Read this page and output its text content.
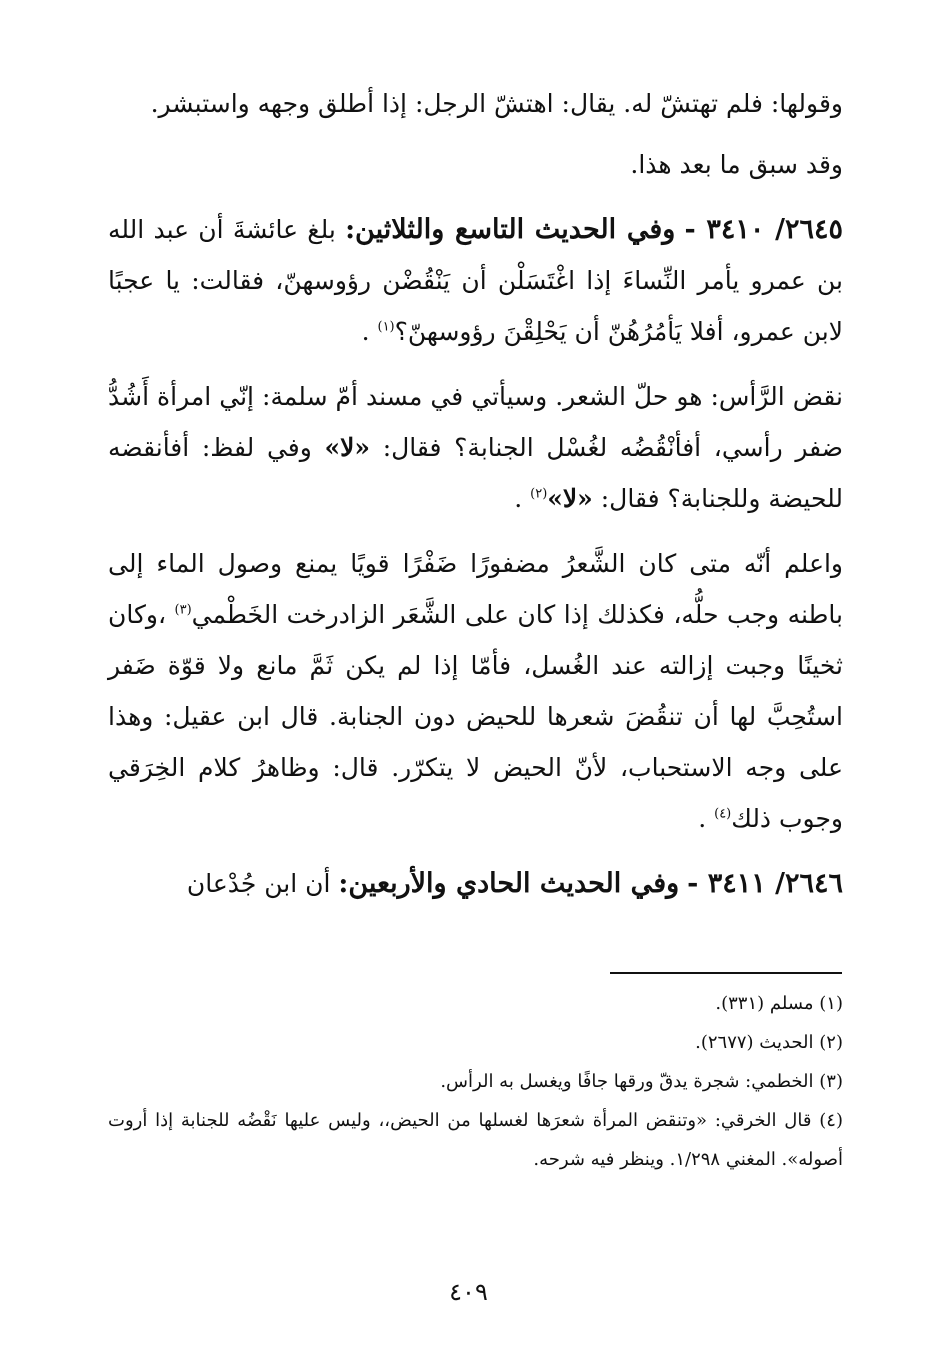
وقولها: فلم تهتشّ له. يقال: اهتشّ الرجل: إذا أطلق وجهه واستبشر.

وقد سبق ما بعد هذا.

٢٦٤٥/ ٣٤١٠ - وفي الحديث التاسع والثلاثين: بلغ عائشةَ أن عبد الله بن عمرو يأمر النِّساءَ إذا اغْتَسَلْن أن يَنْقُضْن رؤوسهنّ، فقالت: يا عجبًا لابن عمرو، أفلا يَأمُرُهُنّ أن يَحْلِقْنَ رؤوسهنّ؟$^{(١)}$ .

نقض الرَّأس: هو حلّ الشعر. وسيأتي في مسند أمّ سلمة: إنّي امرأة أَشُدُّ ضفر رأسي، أفأنْقُضُه لغُسْل الجنابة؟ فقال: «لا» وفي لفظ: أفأنقضه للحيضة وللجنابة؟ فقال: «لا»$^{(٢)}$ .

واعلم أنّه متى كان الشَّعرُ مضفورًا ضَفْرًا قويًا يمنع وصول الماء إلى باطنه وجب حلُّه، فكذلك إذا كان على الشَّعَر الزادرخت الخَطْمي$^{(٣)}$ ،وكان ثخينًا وجبت إزالته عند الغُسل، فأمّا إذا لم يكن ثَمَّ مانع ولا قوّة ضَفر استُحِبَّ لها أن تنقُضَ شعرها للحيض دون الجنابة. قال ابن عقيل: وهذا على وجه الاستحباب، لأنّ الحيض لا يتكرّر. قال: وظاهرُ كلام الخِرَقي وجوب ذلك$^{(٤)}$ .

٢٦٤٦/ ٣٤١١ - وفي الحديث الحادي والأربعين: أن ابن جُدْعان

(١) مسلم (٣٣١).

(٢) الحديث (٢٦٧٧).

(٣) الخطمي: شجرة يدقّ ورقها جافًا ويغسل به الرأس.

(٤) قال الخرقي: «وتنقض المرأة شعرَها لغسلها من الحيض،، وليس عليها نَقْضُه للجنابة إذا أروت أصوله». المغني ١/٢٩٨. وينظر فيه شرحه.

٤٠٩
